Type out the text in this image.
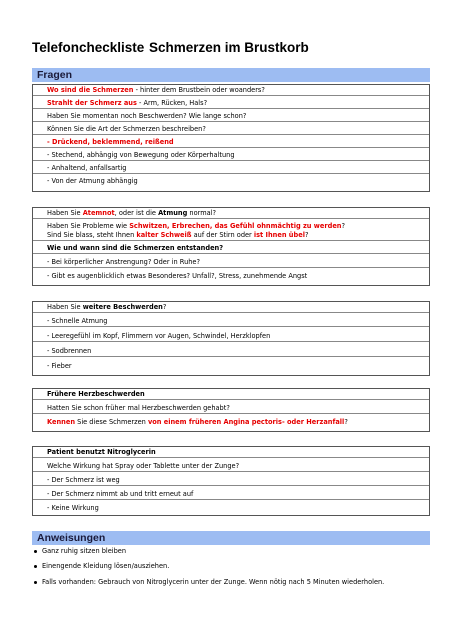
Telefoncheckliste Schmerzen im Brustkorb
Fragen
Wo sind die Schmerzen - hinter dem Brustbein oder woanders?
Strahlt der Schmerz aus - Arm, Rücken, Hals?
Haben Sie momentan noch Beschwerden? Wie lange schon?
Können Sie die Art der Schmerzen beschreiben?
- Drückend, beklemmend, reißend
- Stechend, abhängig von Bewegung oder Körperhaltung
- Anhaltend, anfallsartig
- Von der Atmung abhängig
Haben Sie Atemnot, oder ist die Atmung normal?
Haben Sie Probleme wie Schwitzen, Erbrechen, das Gefühl ohnmächtig zu werden?
Sind Sie blass, steht Ihnen kalter Schweiß auf der Stirn oder ist Ihnen übel?
Wie und wann sind die Schmerzen entstanden?
- Bei körperlicher Anstrengung? Oder in Ruhe?
- Gibt es augenblicklich etwas Besonderes? Unfall?, Stress, zunehmende Angst
Haben Sie weitere Beschwerden?
- Schnelle Atmung
- Leeregefühl im Kopf, Flimmern vor Augen, Schwindel, Herzklopfen
- Sodbrennen
- Fieber
Frühere Herzbeschwerden
Hatten Sie schon früher mal Herzbeschwerden gehabt?
Kennen Sie diese Schmerzen von einem früheren Angina pectoris- oder Herzanfall?
Patient benutzt Nitroglycerin
Welche Wirkung hat Spray oder Tablette unter der Zunge?
- Der Schmerz ist weg
- Der Schmerz nimmt ab und tritt erneut auf
- Keine Wirkung
Anweisungen
Ganz ruhig sitzen bleiben
Einengende Kleidung lösen/ausziehen.
Falls vorhanden: Gebrauch von Nitroglycerin unter der Zunge. Wenn nötig nach 5 Minuten wiederholen.
